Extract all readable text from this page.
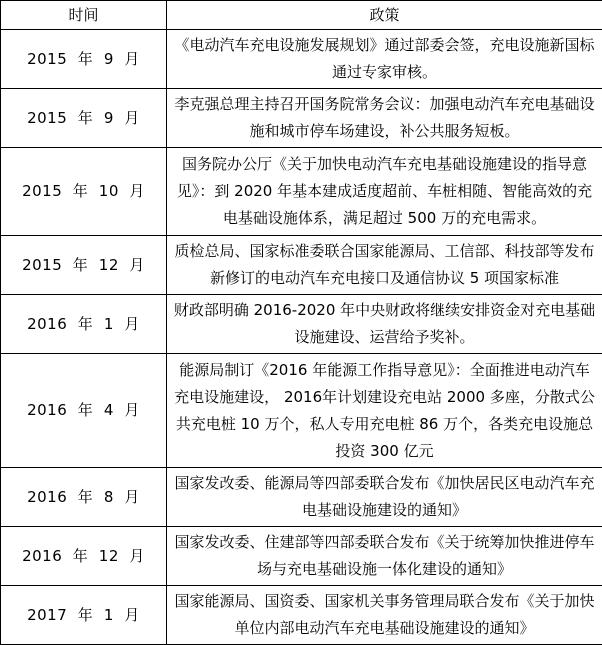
时间	政策
2015  年  9  月	《电动汽车充电设施发展规划》通过部委会签，充电设施新国标通过专家审核。
2015  年  9  月	李克强总理主持召开国务院常务会议：加强电动汽车充电基础设施和城市停车场建设，补公共服务短板。
2015  年  10  月	国务院办公厅《关于加快电动汽车充电基础设施建设的指导意见》：到 2020 年基本建成适度超前、车桩相随、智能高效的充电基础设施体系，满足超过 500 万的充电需求。
2015  年  12  月	质检总局、国家标准委联合国家能源局、工信部、科技部等发布新修订的电动汽车充电接口及通信协议 5 项国家标准
2016  年  1  月	财政部明确 2016-2020 年中央财政将继续安排资金对充电基础设施建设、运营给予奖补。
2016  年  4  月	能源局制订《2016 年能源工作指导意见》：全面推进电动汽车充电设施建设， 2016年计划建设充电站 2000 多座，分散式公共充电桩 10 万个，私人专用充电桩 86 万个，各类充电设施总投资 300 亿元
2016  年  8  月	国家发改委、能源局等四部委联合发布《加快居民区电动汽车充电基础设施建设的通知》
2016  年  12  月	国家发改委、住建部等四部委联合发布《关于统筹加快推进停车场与充电基础设施一体化建设的通知》
2017  年  1  月	国家能源局、国资委、国家机关事务管理局联合发布《关于加快单位内部电动汽车充电基础设施建设的通知》
